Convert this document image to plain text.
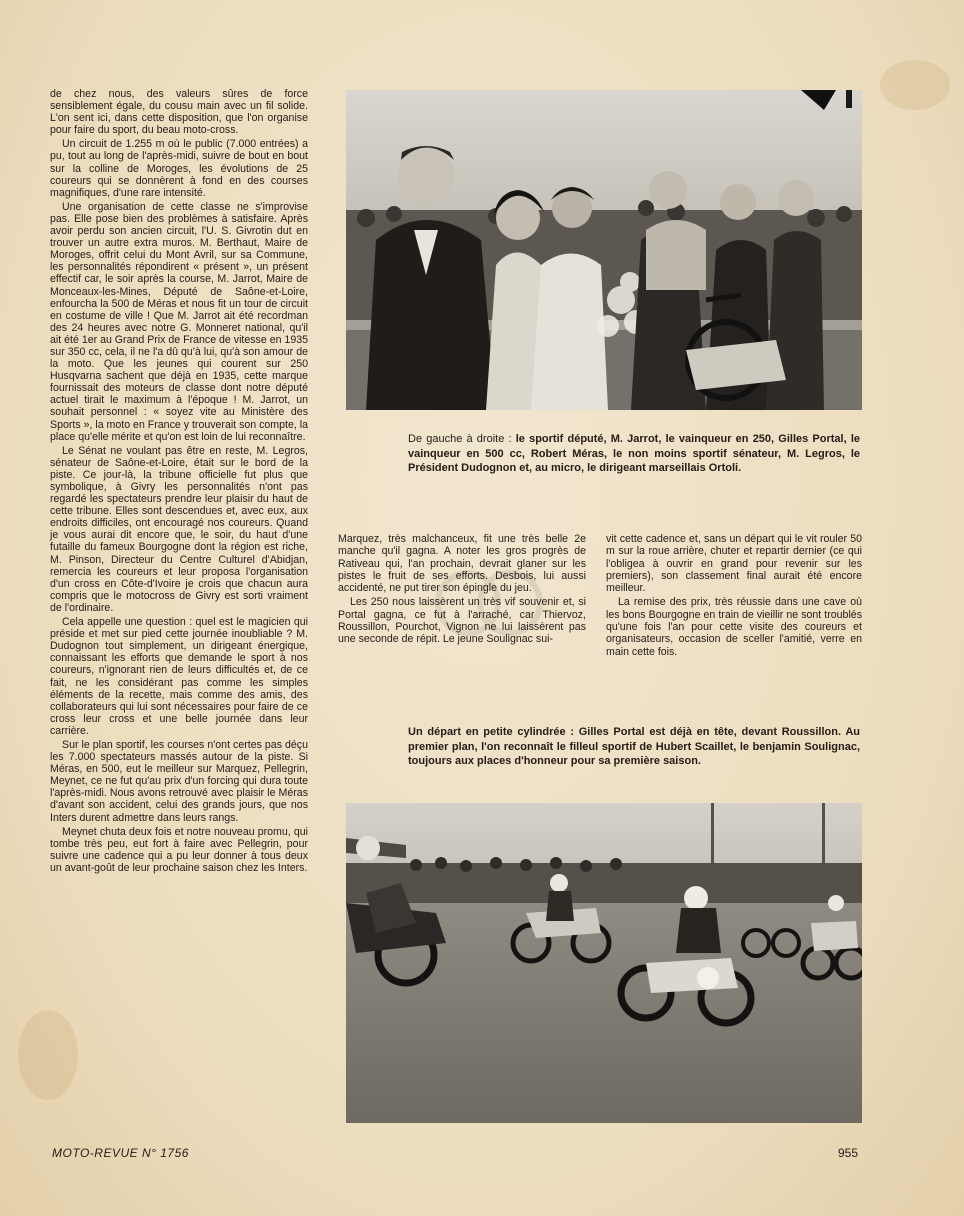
de chez nous, des valeurs sûres de force sensiblement égale, du cousu main avec un fil solide. L'on sent ici, dans cette disposition, que l'on organise pour faire du sport, du beau moto-cross.

Un circuit de 1.255 m où le public (7.000 entrées) a pu, tout au long de l'après-midi, suivre de bout en bout sur la colline de Moroges, les évolutions de 25 coureurs qui se donnèrent à fond en des courses magnifiques, d'une rare intensité.

Une organisation de cette classe ne s'improvise pas. Elle pose bien des problèmes à satisfaire. Après avoir perdu son ancien circuit, l'U. S. Givrotin dut en trouver un autre extra muros. M. Berthaut, Maire de Moroges, offrit celui du Mont Avril, sur sa Commune, les personnalités répondirent « présent », un présent effectif car, le soir après la course, M. Jarrot, Maire de Monceaux-les-Mines, Député de Saône-et-Loire, enfourcha la 500 de Méras et nous fit un tour de circuit en costume de ville ! Que M. Jarrot ait été recordman des 24 heures avec notre G. Monneret national, qu'il ait été 1er au Grand Prix de France de vitesse en 1935 sur 350 cc, cela, il ne l'a dû qu'à lui, qu'à son amour de la moto. Que les jeunes qui courent sur 250 Husqvarna sachent que déjà en 1935, cette marque fournissait des moteurs de classe dont notre député actuel tirait le maximum à l'époque ! M. Jarrot, un souhait personnel : « soyez vite au Ministère des Sports », la moto en France y trouverait son compte, la place qu'elle mérite et qu'on est loin de lui reconnaître.

Le Sénat ne voulant pas être en reste, M. Legros, sénateur de Saône-et-Loire, était sur le bord de la piste. Ce jour-là, la tribune officielle fut plus que symbolique, à Givry les personnalités n'ont pas regardé les spectateurs prendre leur plaisir du haut de cette tribune. Elles sont descendues et, avec eux, aux endroits difficiles, ont encouragé nos coureurs. Quand je vous aurai dit encore que, le soir, du haut d'une futaille du fameux Bourgogne dont la région est riche, M. Pinson, Directeur du Centre Culturel d'Abidjan, remercia les coureurs et leur proposa l'organisation d'un cross en Côte-d'Ivoire je crois que chacun aura compris que le motocross de Givry est sorti vraiment de l'ordinaire.

Cela appelle une question : quel est le magicien qui préside et met sur pied cette journée inoubliable ? M. Dudognon tout simplement, un dirigeant énergique, connaissant les efforts que demande le sport à nos coureurs, n'ignorant rien de leurs difficultés et, de ce fait, ne les considérant pas comme les simples éléments de la recette, mais comme des amis, des collaborateurs qui lui sont nécessaires pour faire de ce cross leur cross et une belle journée dans leur carrière.

Sur le plan sportif, les courses n'ont certes pas déçu les 7.000 spectateurs massés autour de la piste. Si Méras, en 500, eut le meilleur sur Marquez, Pellegrin, Meynet, ce ne fut qu'au prix d'un forcing qui dura toute l'après-midi. Nous avons retrouvé avec plaisir le Méras d'avant son accident, celui des grands jours, que nos Inters durent admettre dans leurs rangs.

Meynet chuta deux fois et notre nouveau promu, qui tombe très peu, eut fort à faire avec Pellegrin, pour suivre une cadence qui a pu leur donner à tous deux un avant-goût de leur prochaine saison chez les Inters.

De gauche à droite : le sportif député, M. Jarrot, le vainqueur en 250, Gilles Portal, le vainqueur en 500 cc, Robert Méras, le non moins sportif sénateur, M. Legros, le Président Dudognon et, au micro, le dirigeant marseillais Ortoli.

Marquez, très malchanceux, fit une très belle 2e manche qu'il gagna. A noter les gros progrès de Rativeau qui, l'an prochain, devrait glaner sur les pistes le fruit de ses efforts. Desbois, lui aussi accidenté, ne put tirer son épingle du jeu.

Les 250 nous laissèrent un très vif souvenir et, si Portal gagna, ce fut à l'arraché, car Thiervoz, Roussillon, Pourchot, Vignon ne lui laissèrent pas une seconde de répit. Le jeune Soulignac sui-

vit cette cadence et, sans un départ qui le vit rouler 50 m sur la roue arrière, chuter et repartir dernier (ce qui l'obligea à ouvrir en grand pour revenir sur les premiers), son classement final aurait été encore meilleur.

La remise des prix, très réussie dans une cave où les bons Bourgogne en train de vieillir ne sont troublés qu'une fois l'an pour cette visite des coureurs et organisateurs, occasion de sceller l'amitié, verre en main cette fois.

Un départ en petite cylindrée : Gilles Portal est déjà en tête, devant Roussillon. Au premier plan, l'on reconnaît le filleul sportif de Hubert Scaillet, le benjamin Soulignac, toujours aux places d'honneur pour sa première saison.
MOTO-REVUE N° 1756	955
